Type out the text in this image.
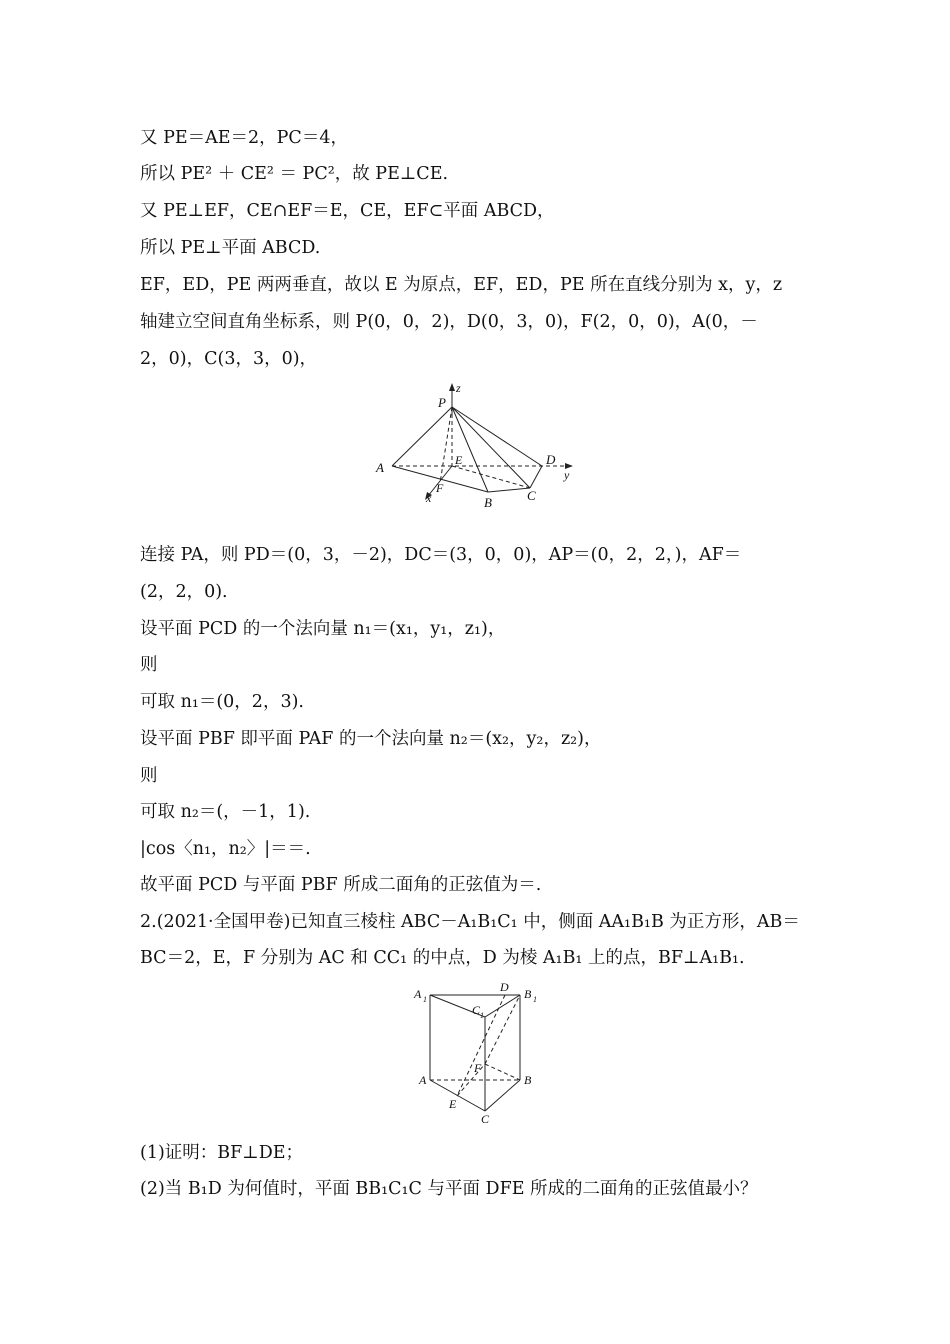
又 PE＝AE＝2，PC＝4，
所以 PE² ＋ CE² ＝ PC²，故 PE⊥CE.
又 PE⊥EF，CE∩EF＝E，CE，EF⊂平面 ABCD，
所以 PE⊥平面 ABCD.
EF，ED，PE 两两垂直，故以 E 为原点，EF，ED，PE 所在直线分别为 x，y，z
轴建立空间直角坐标系，则 P(0，0，2)，D(0，3，0)，F(2，0，0)，A(0，－
2，0)，C(3，3，0)，
z
P
A	E	D
y
F
x	B	C
连接 PA，则 PD＝(0，3，－2)，DC＝(3，0，0)，AP＝(0，2，2，)，AF＝
(2，2，0).
设平面 PCD 的一个法向量 n₁＝(x₁，y₁，z₁)，
则
可取 n₁＝(0，2，3).
设平面 PBF 即平面 PAF 的一个法向量 n₂＝(x₂，y₂，z₂)，
则
可取 n₂＝(，－1，1).
|cos〈n₁，n₂〉|＝＝.
故平面 PCD 与平面 PBF 所成二面角的正弦值为＝.
2.(2021·全国甲卷)已知直三棱柱 ABC－A₁B₁C₁ 中，侧面 AA₁B₁B 为正方形，AB＝
BC＝2，E，F 分别为 AC 和 CC₁ 的中点，D 为棱 A₁B₁ 上的点，BF⊥A₁B₁.
A 1
D B 1
C 1
F
A	B
E
C
(1)证明：BF⊥DE；
(2)当 B₁D 为何值时，平面 BB₁C₁C 与平面 DFE 所成的二面角的正弦值最小？
